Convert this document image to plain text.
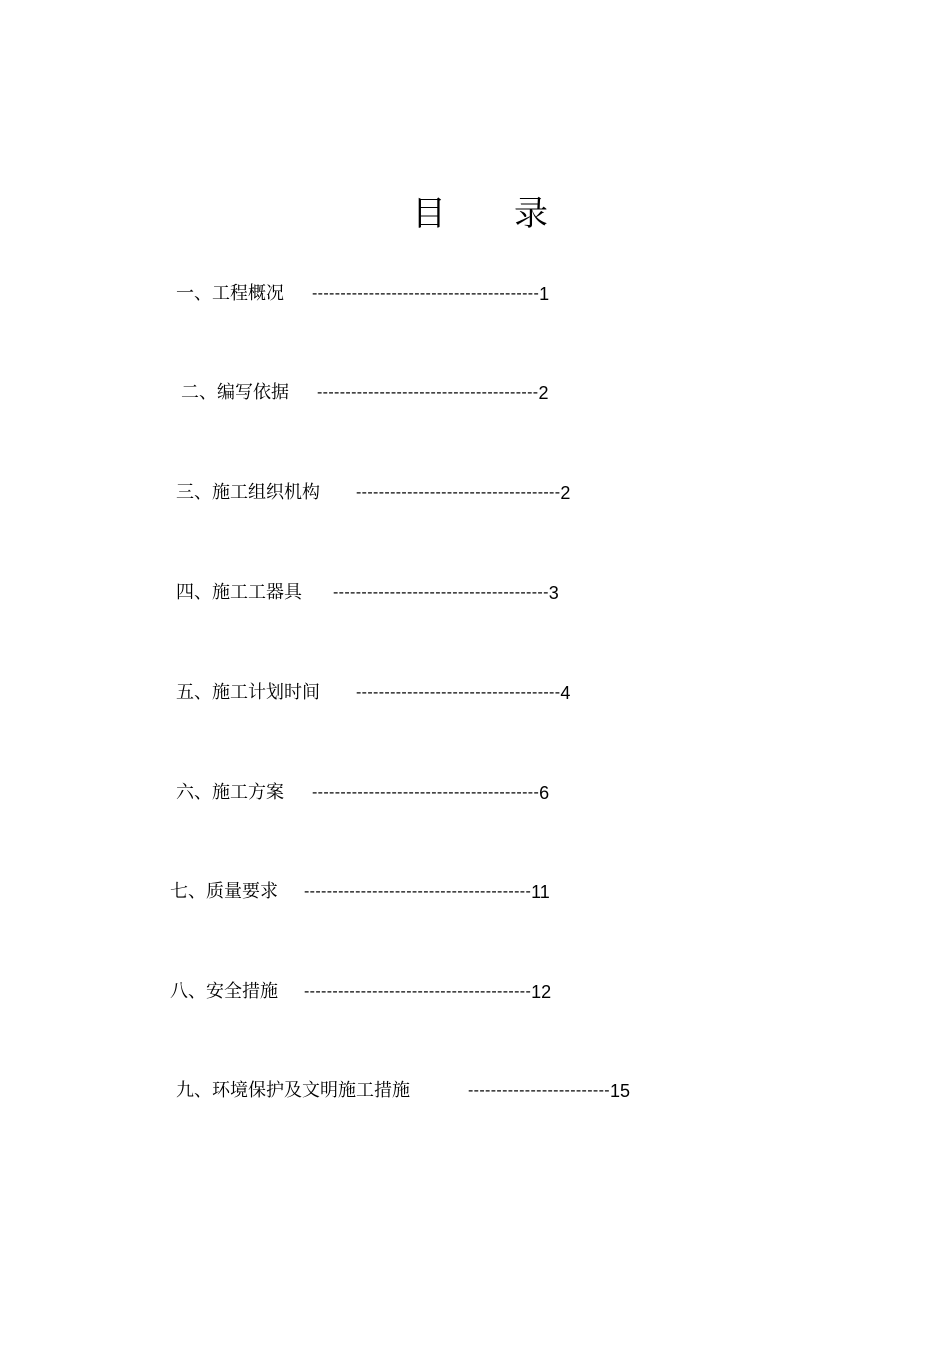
目 录
一、工程概况 ----------------------------------------1
二、编写依据 ---------------------------------------2
三、施工组织机构 ------------------------------------2
四、施工工器具 --------------------------------------3
五、施工计划时间 ------------------------------------4
六、施工方案 ----------------------------------------6
七、质量要求 ----------------------------------------11
八、安全措施 ----------------------------------------12
九、环境保护及文明施工措施	-------------------------15
